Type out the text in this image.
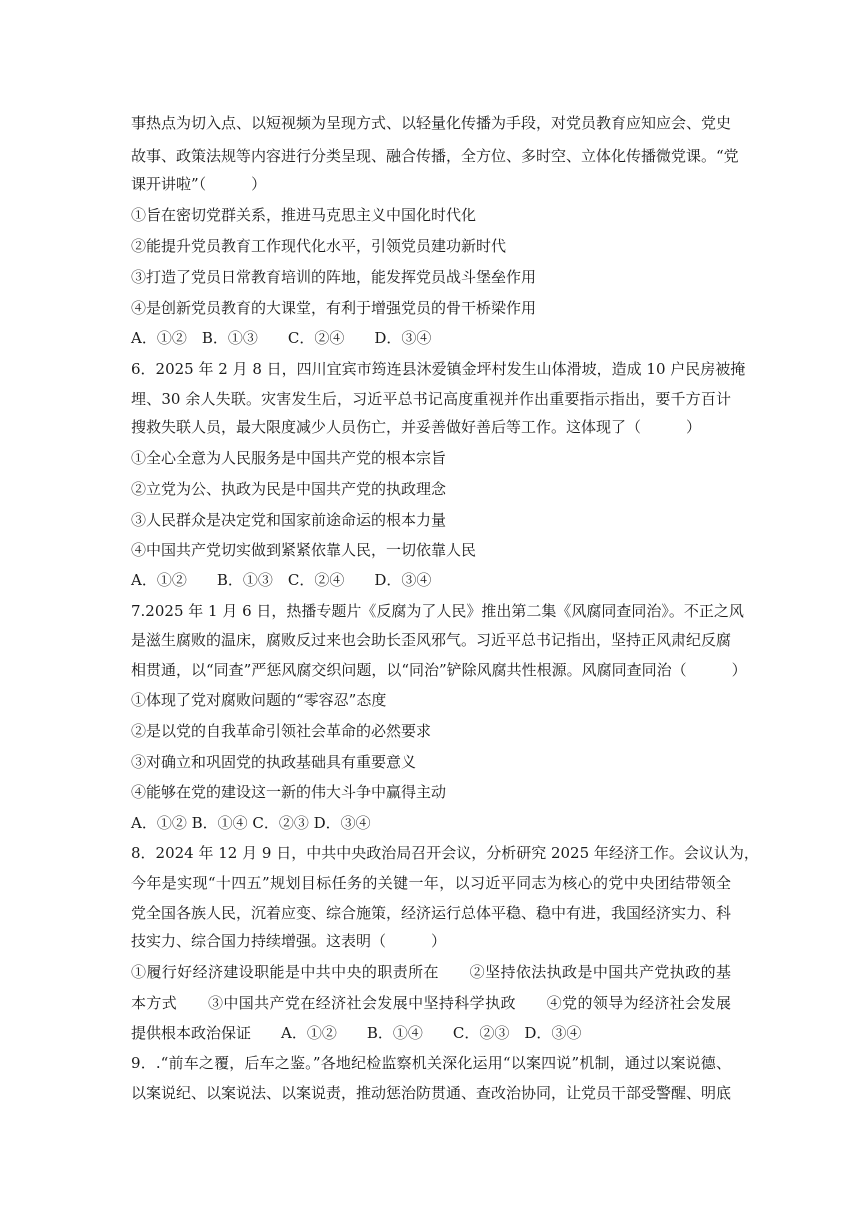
事热点为切入点、以短视频为呈现方式、以轻量化传播为手段，对党员教育应知应会、党史
故事、政策法规等内容进行分类呈现、融合传播，全方位、多时空、立体化传播微党课。“党
课开讲啦”（　　　）
①旨在密切党群关系，推进马克思主义中国化时代化
②能提升党员教育工作现代化水平，引领党员建功新时代
③打造了党员日常教育培训的阵地，能发挥党员战斗堡垒作用
④是创新党员教育的大课堂，有利于增强党员的骨干桥梁作用
A．①②　B．①③　　C．②④　　D．③④
6．2025 年 2 月 8 日，四川宜宾市筠连县沐爱镇金坪村发生山体滑坡，造成 10 户民房被掩
埋、30 余人失联。灾害发生后，习近平总书记高度重视并作出重要指示指出，要千方百计
搜救失联人员，最大限度减少人员伤亡，并妥善做好善后等工作。这体现了（　　　）
①全心全意为人民服务是中国共产党的根本宗旨
②立党为公、执政为民是中国共产党的执政理念
③人民群众是决定党和国家前途命运的根本力量
④中国共产党切实做到紧紧依靠人民，一切依靠人民
A．①②　　B．①③　C．②④　　D．③④
7.2025 年 1 月 6 日，热播专题片《反腐为了人民》推出第二集《风腐同查同治》。不正之风
是滋生腐败的温床，腐败反过来也会助长歪风邪气。习近平总书记指出，坚持正风肃纪反腐
相贯通，以“同查”严惩风腐交织问题，以“同治”铲除风腐共性根源。风腐同查同治（　　　）
①体现了党对腐败问题的“零容忍”态度
②是以党的自我革命引领社会革命的必然要求
③对确立和巩固党的执政基础具有重要意义
④能够在党的建设这一新的伟大斗争中赢得主动
A．①② B．①④ C．②③ D．③④
8．2024 年 12 月 9 日，中共中央政治局召开会议，分析研究 2025 年经济工作。会议认为，
今年是实现“十四五”规划目标任务的关键一年，以习近平同志为核心的党中央团结带领全
党全国各族人民，沉着应变、综合施策，经济运行总体平稳、稳中有进，我国经济实力、科
技实力、综合国力持续增强。这表明（　　　）
①履行好经济建设职能是中共中央的职责所在　　②坚持依法执政是中国共产党执政的基
本方式　　③中国共产党在经济社会发展中坚持科学执政　　④党的领导为经济社会发展
提供根本政治保证　　A．①②　　B．①④　　C．②③　D．③④
9．.“前车之覆，后车之鉴。”各地纪检监察机关深化运用“以案四说”机制，通过以案说德、
以案说纪、以案说法、以案说责，推动惩治防贯通、查改治协同，让党员干部受警醒、明底
